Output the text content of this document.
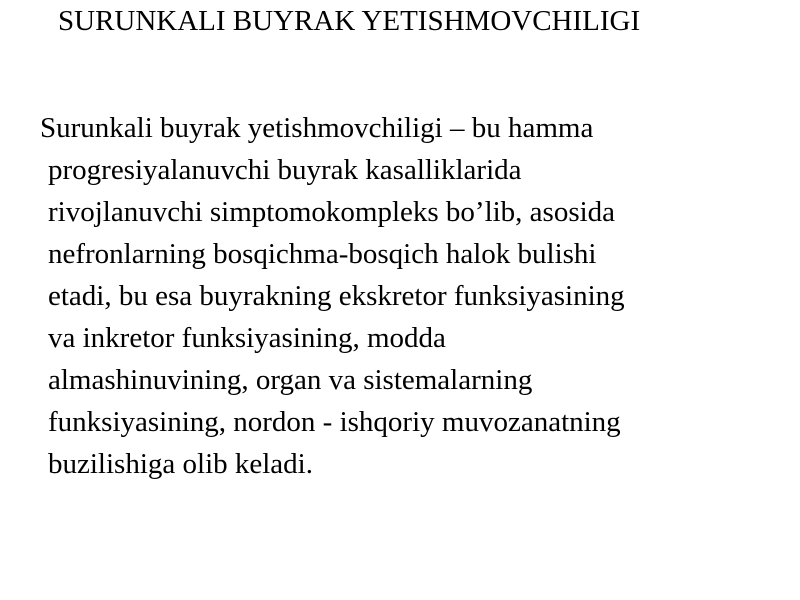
SURUNKALI BUYRAK YETISHMOVCHILIGI
Surunkali buyrak yetishmovchiligi – bu hamma
progresiyalanuvchi buyrak kasalliklarida
rivojlanuvchi simptomokompleks bo’lib, asosida
nefronlarning bosqichma-bosqich halok bulishi
etadi, bu esa buyrakning ekskretor funksiyasining
va inkretor funksiyasining, modda
almashinuvining, organ va sistemalarning
funksiyasining, nordon - ishqoriy muvozanatning
buzilishiga olib keladi.
